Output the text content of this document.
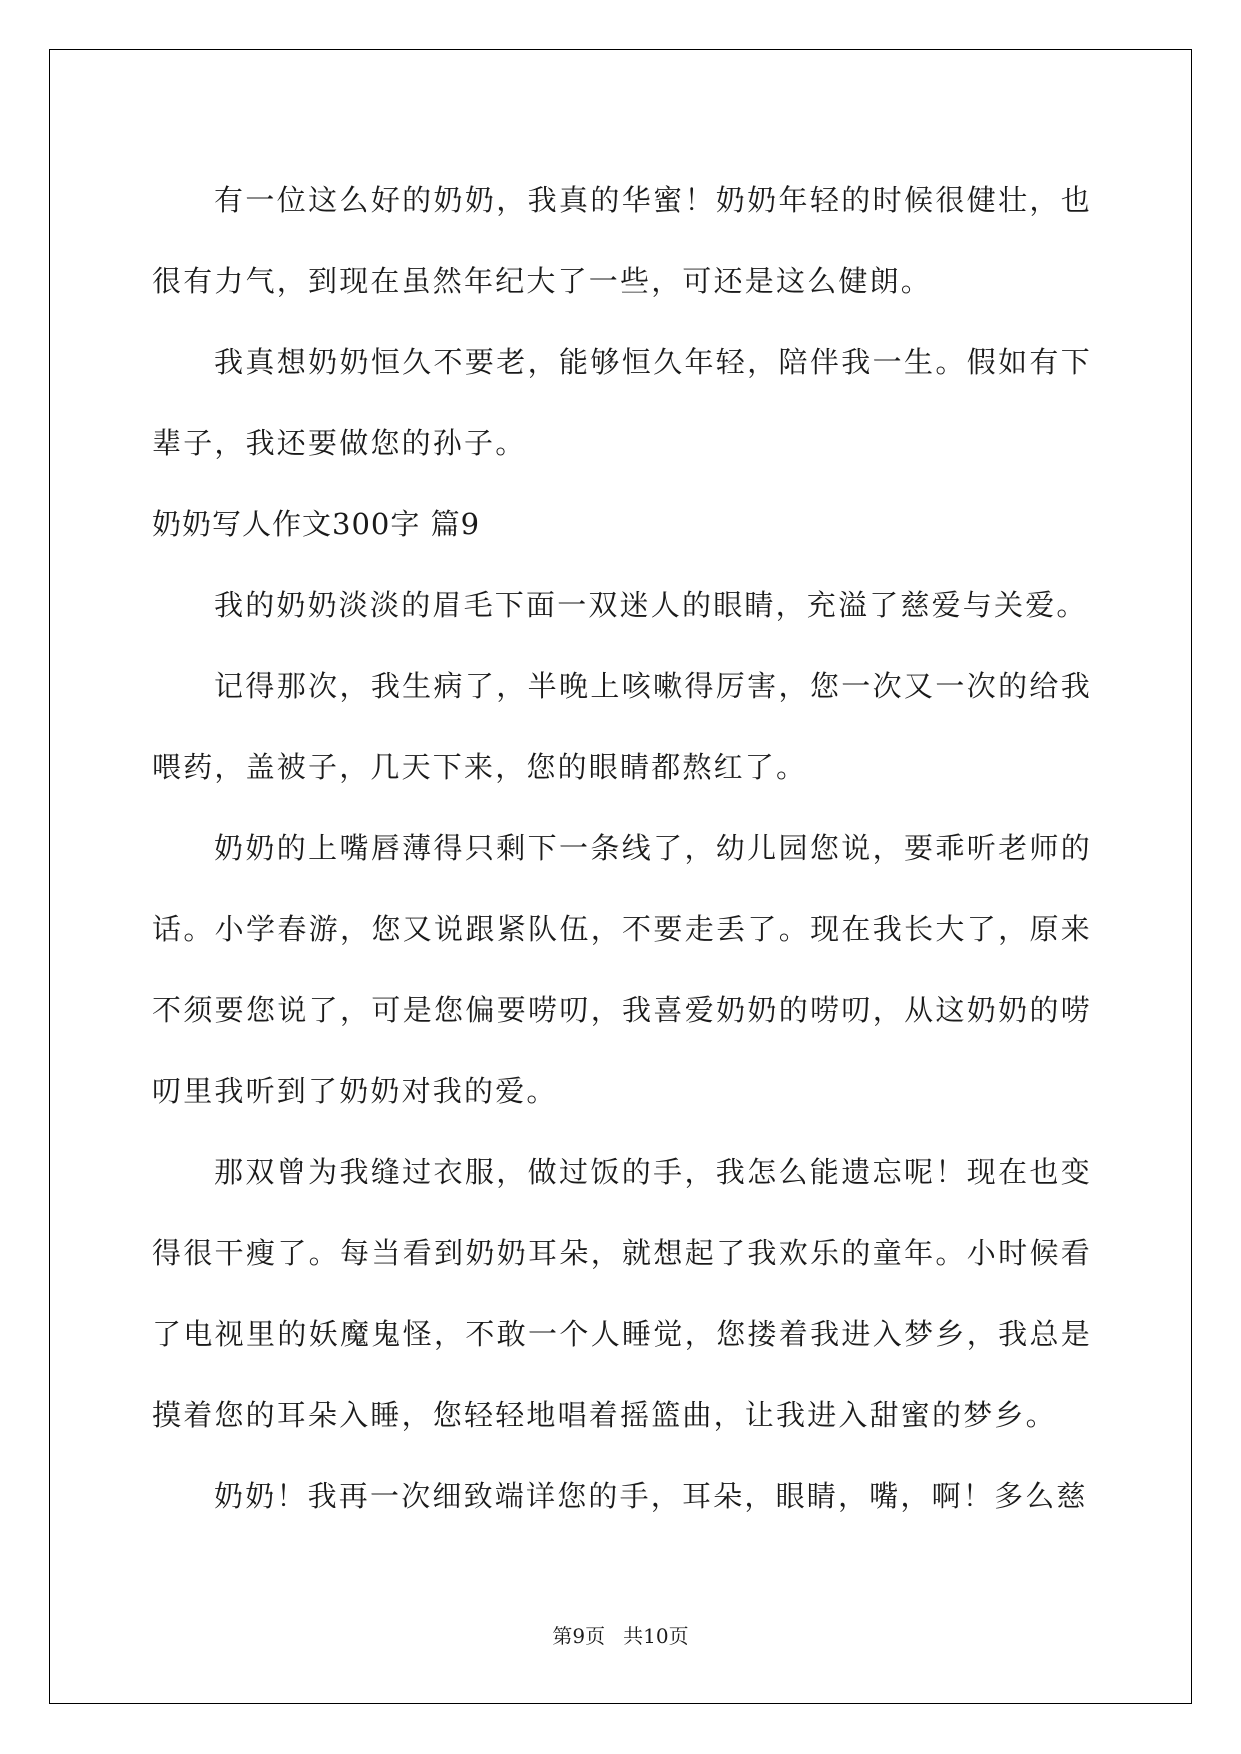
有一位这么好的奶奶，我真的华蜜！奶奶年轻的时候很健壮，也很有力气，到现在虽然年纪大了一些，可还是这么健朗。

我真想奶奶恒久不要老，能够恒久年轻，陪伴我一生。假如有下辈子，我还要做您的孙子。

奶奶写人作文300字 篇9

我的奶奶淡淡的眉毛下面一双迷人的眼睛，充溢了慈爱与关爱。

记得那次，我生病了，半晚上咳嗽得厉害，您一次又一次的给我喂药，盖被子，几天下来，您的眼睛都熬红了。

奶奶的上嘴唇薄得只剩下一条线了，幼儿园您说，要乖听老师的话。小学春游，您又说跟紧队伍，不要走丢了。现在我长大了，原来不须要您说了，可是您偏要唠叨，我喜爱奶奶的唠叨，从这奶奶的唠叨里我听到了奶奶对我的爱。

那双曾为我缝过衣服，做过饭的手，我怎么能遗忘呢！现在也变得很干瘦了。每当看到奶奶耳朵，就想起了我欢乐的童年。小时候看了电视里的妖魔鬼怪，不敢一个人睡觉，您搂着我进入梦乡，我总是摸着您的耳朵入睡，您轻轻地唱着摇篮曲，让我进入甜蜜的梦乡。

奶奶！我再一次细致端详您的手，耳朵，眼睛，嘴，啊！多么慈

第9页 共10页
